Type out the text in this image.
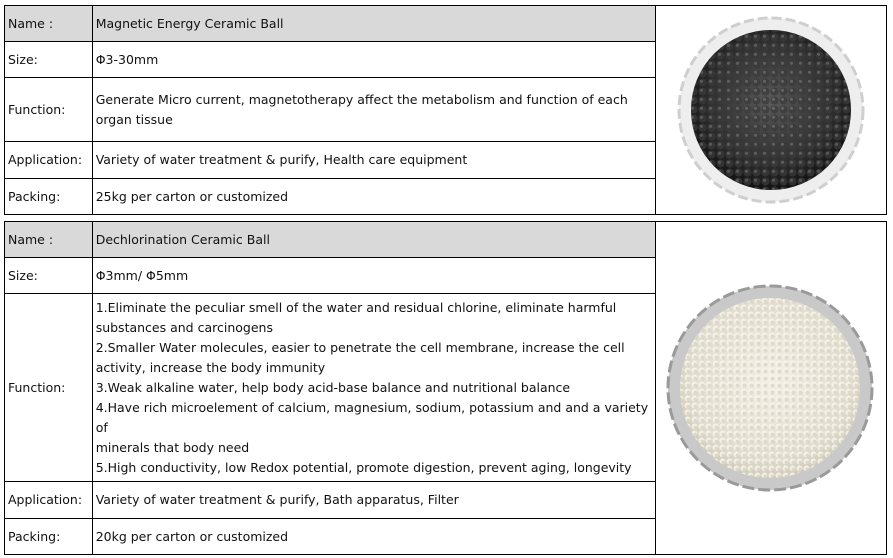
Name :	Magnetic Energy Ceramic Ball	

Size:	Φ3-30mm	
Function:	Generate Micro current, magnetotherapy affect the metabolism and function of each
organ tissue	

Application:	Variety of water treatment & purify, Health care equipment	
Packing:	25kg per carton or customized	
Name :	Dechlorination Ceramic Ball	

Size:	Φ3mm/ Φ5mm	
Function:	
1.Eliminate the peculiar smell of the water and residual chlorine, eliminate harmful
substances and carcinogens
2.Smaller Water molecules, easier to penetrate the cell membrane, increase the cell
activity, increase the body immunity
3.Weak alkaline water, help body acid-base balance and nutritional balance
4.Have rich microelement of calcium, magnesium, sodium, potassium and and a variety of
minerals that body need
5.High conductivity, low Redox potential, promote digestion, prevent aging, longevity

Application:	Variety of water treatment & purify, Bath apparatus, Filter	
Packing:	20kg per carton or customized	
